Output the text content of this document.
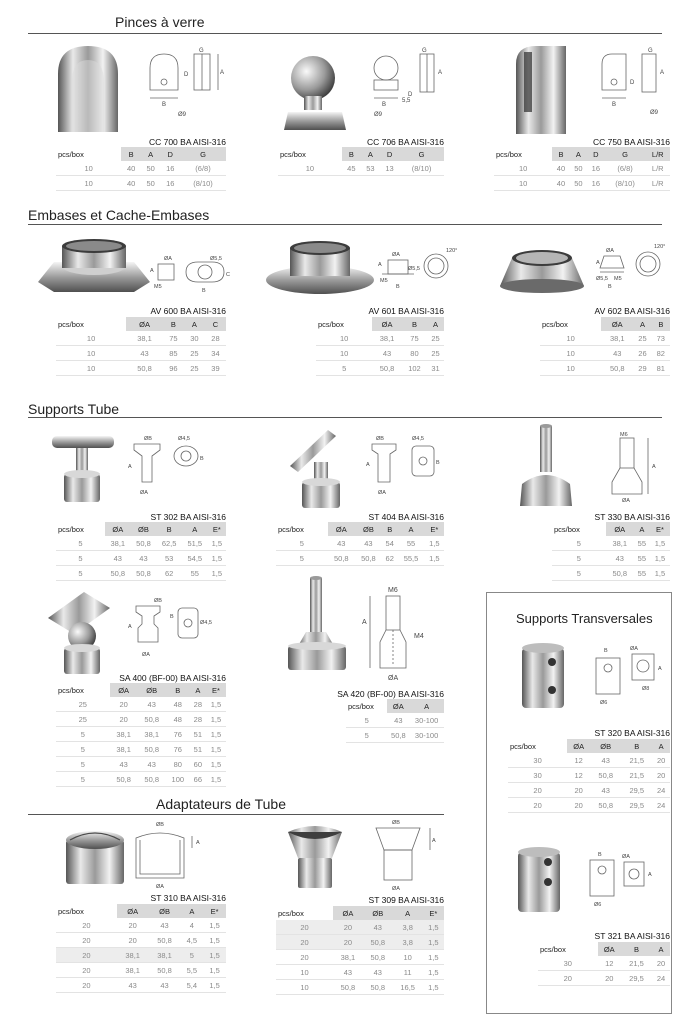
Pinces à verre
G
D	A
B
Ø9
CC 700 BA AISI-316
pcs/box	B	A	D	G
10	40	50	16	(6/8)
10	40	50	16	(8/10)
G
A
D
B
5,5
Ø9
CC 706 BA AISI-316
pcs/box	B	A	D	G
10	45	53	13	(8/10)
G
A
D
B
Ø9
CC 750 BA AISI-316
pcs/box	B	A	D	G	L/R
10	40	50	16	(6/8)	L/R
10	40	50	16	(8/10)	L/R
Embases et Cache-Embases
ØA	Ø5,5
A
M5
B
C
AV 600 BA AISI-316
pcs/box	ØA	B	A	C
10	38,1	75	30	28
10	43	85	25	34
10	50,8	96	25	39
ØA
A
M5
Ø5,5
B
120°
AV 601 BA AISI-316
pcs/box	ØA	B	A
10	38,1	75	25
10	43	80	25
5	50,8	102	31
ØA
Ø5,5
A
M5
B
120°
AV 602 BA AISI-316
pcs/box	ØA	A	B
10	38,1	25	73
10	43	26	82
10	50,8	29	81
Supports Tube
ØB	Ø4,5
A
B
ØA
ST 302 BA AISI-316
pcs/box	ØA	ØB	B	A	E*
5	38,1	50,8	62,5	51,5	1,5
5	43	43	53	54,5	1,5
5	50,8	50,8	62	55	1,5
ØB	Ø4,5
A	B
ØA
ST 404 BA AISI-316
pcs/box	ØA	ØB	B	A	E*
5	43	43	54	55	1,5
5	50,8	50,8	62	55,5	1,5
M6
A
ØA
ST 330 BA AISI-316
pcs/box	ØA	A	E*
5	38,1	55	1,5
5	43	55	1,5
5	50,8	55	1,5
ØB
A
B
Ø4,5
ØA
SA 400 (BF-00) BA AISI-316
pcs/box	ØA	ØB	B	A	E*
25	20	43	48	28	1,5
25	20	50,8	48	28	1,5
5	38,1	38,1	76	51	1,5
5	38,1	50,8	76	51	1,5
5	43	43	80	60	1,5
5	50,8	50,8	100	66	1,5
M6
A
M4
ØA
SA 420 (BF-00) BA AISI-316
pcs/box	ØA	A
5	43	30-100
5	50,8	30-100
Adaptateurs de Tube
ØB
A
ØA
ST 310 BA AISI-316
pcs/box	ØA	ØB	A	E*
20	20	43	4	1,5
20	20	50,8	4,5	1,5
20	38,1	38,1	5	1,5
20	38,1	50,8	5,5	1,5
20	43	43	5,4	1,5
ØB
A
ØA
ST 309 BA AISI-316
pcs/box	ØA	ØB	A	E*
20	20	43	3,8	1,5
20	20	50,8	3,8	1,5
20	38,1	50,8	10	1,5
10	43	43	11	1,5
10	50,8	50,8	16,5	1,5
Supports Transversales
B	ØA
A
Ø8
Ø6
ST 320 BA AISI-316
pcs/box	ØA	ØB	B	A
30	12	43	21,5	20
30	12	50,8	21,5	20
20	20	43	29,5	24
20	20	50,8	29,5	24
B	ØA
A
Ø6
ST 321 BA AISI-316
pcs/box	ØA	B	A
30	12	21,5	20
20	20	29,5	24
